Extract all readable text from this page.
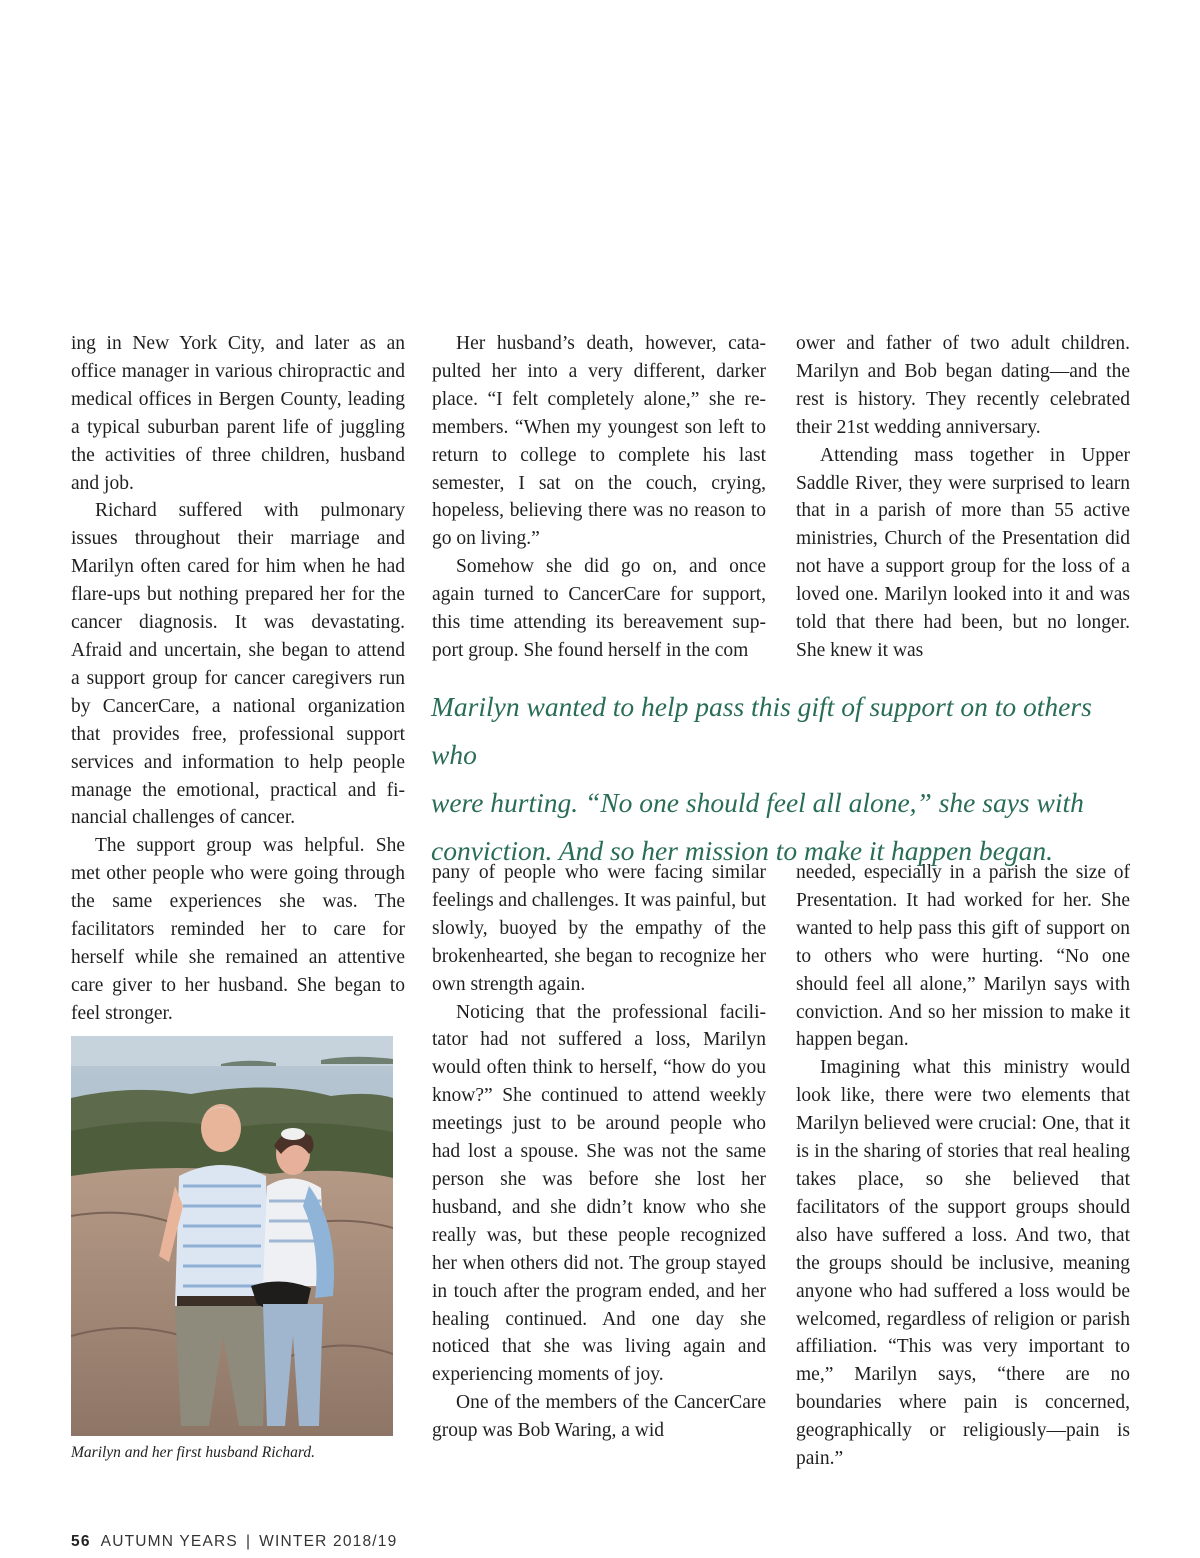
ing in New York City, and later as an office manager in various chiropractic and medical offices in Bergen County, leading a typical suburban parent life of juggling the activities of three children, husband and job.

Richard suffered with pulmonary issues throughout their marriage and Marilyn often cared for him when he had flare-ups but nothing prepared her for the cancer diagnosis. It was devastating. Afraid and uncertain, she began to attend a support group for cancer caregivers run by CancerCare, a national organization that provides free, professional support services and information to help people manage the emotional, practical and financial challenges of cancer.

The support group was helpful. She met other people who were going through the same experiences she was. The facilitators reminded her to care for herself while she remained an attentive care giver to her husband. She began to feel stronger.

Her husband’s death, however, catapulted her into a very different, darker place. “I felt completely alone,” she remembers. “When my youngest son left to return to college to complete his last semester, I sat on the couch, crying, hopeless, believing there was no reason to go on living.”

Somehow she did go on, and once again turned to CancerCare for support, this time attending its bereavement support group. She found herself in the com

ower and father of two adult children. Marilyn and Bob began dating—and the rest is history. They recently celebrated their 21st wedding anniversary.

Attending mass together in Upper Saddle River, they were surprised to learn that in a parish of more than 55 active ministries, Church of the Presentation did not have a support group for the loss of a loved one. Marilyn looked into it and was told that there had been, but no longer. She knew it was

Marilyn wanted to help pass this gift of support on to others who
were hurting. “No one should feel all alone,” she says with
conviction. And so her mission to make it happen began.

pany of people who were facing similar feelings and challenges. It was painful, but slowly, buoyed by the empathy of the brokenhearted, she began to recognize her own strength again.

Noticing that the professional facilitator had not suffered a loss, Marilyn would often think to herself, “how do you know?” She continued to attend weekly meetings just to be around people who had lost a spouse. She was not the same person she was before she lost her husband, and she didn’t know who she really was, but these people recognized her when others did not. The group stayed in touch after the program ended, and her healing continued. And one day she noticed that she was living again and experiencing moments of joy.

One of the members of the CancerCare group was Bob Waring, a wid

needed, especially in a parish the size of Presentation. It had worked for her. She wanted to help pass this gift of support on to others who were hurting. “No one should feel all alone,” Marilyn says with conviction. And so her mission to make it happen began.

Imagining what this ministry would look like, there were two elements that Marilyn believed were crucial: One, that it is in the sharing of stories that real healing takes place, so she believed that facilitators of the support groups should also have suffered a loss. And two, that the groups should be inclusive, meaning anyone who had suffered a loss would be welcomed, regardless of religion or parish affiliation. “This was very important to me,” Marilyn says, “there are no boundaries where pain is concerned, geographically or religiously—pain is pain.”

Marilyn and her first husband Richard.
56 AUTUMN YEARS | WINTER 2018/19
